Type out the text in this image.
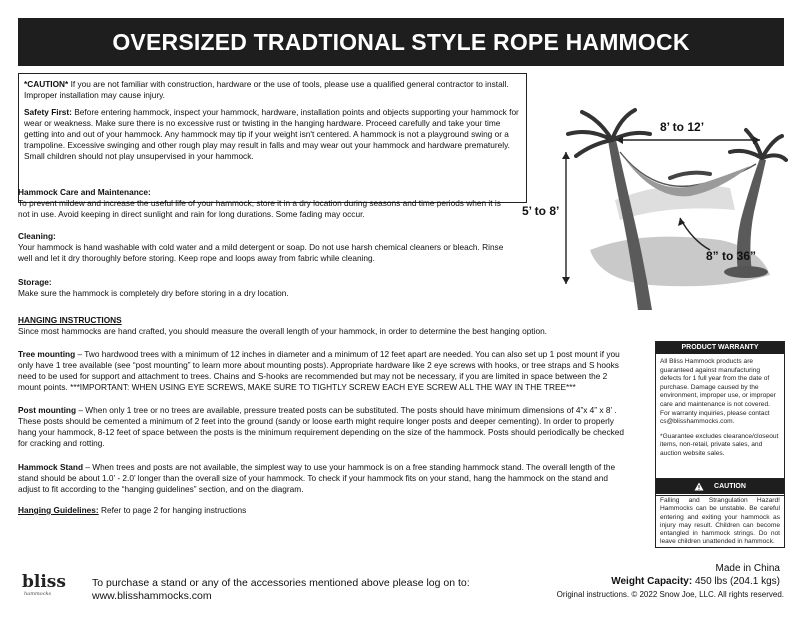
OVERSIZED TRADTIONAL STYLE ROPE HAMMOCK

*CAUTION* If you are not familiar with construction, hardware or the use of tools, please use a qualified general contractor to install. Improper installation may cause injury.

Safety First: Before entering hammock, inspect your hammock, hardware, installation points and objects supporting your hammock for wear or weakness. Make sure there is no excessive rust or twisting in the hanging hardware. Proceed carefully and take your time getting into and out of your hammock. Any hammock may tip if your weight isn't centered. A hammock is not a playground swing or a trampoline. Excessive swinging and other rough play may result in falls and may wear out your hammock and hardware prematurely. Small children should not play unsupervised in your hammock.

Hammock Care and Maintenance:
To prevent mildew and increase the useful life of your hammock, store it in a dry location during seasons and time periods when it is not in use. Avoid keeping in direct sunlight and rain for long durations. Some fading may occur.
Cleaning:
Your hammock is hand washable with cold water and a mild detergent or soap. Do not use harsh chemical cleaners or bleach. Rinse well and let it dry thoroughly before storing. Keep rope and loops away from fabric while cleaning.
Storage:
Make sure the hammock is completely dry before storing in a dry location.
HANGING INSTRUCTIONS
Since most hammocks are hand crafted, you should measure the overall length of your hammock, in order to determine the best hanging option.
Tree mounting – Two hardwood trees with a minimum of 12 inches in diameter and a minimum of 12 feet apart are needed. You can also set up 1 post mount if you only have 1 tree available (see “post mounting” to learn more about mounting posts). Appropriate hardware like 2 eye screws with hooks, or tree straps and S hooks need to be used for support and attachment to trees. Chains and S-hooks are recommended but may not be necessary, if you are limited in space between the 2 mount points. ***IMPORTANT: WHEN USING EYE SCREWS, MAKE SURE TO TIGHTLY SCREW EACH EYE SCREW ALL THE WAY IN THE TREE***
Post mounting – When only 1 tree or no trees are available, pressure treated posts can be substituted. The posts should have minimum dimensions of 4”x 4” x 8’ . These posts should be cemented a minimum of 2 feet into the ground (sandy or loose earth might require longer posts and deeper cementing). In order to properly hang your hammock, 8-12 feet of space between the posts is the minimum requirement depending on the size of the hammock. Posts should periodically be checked for cracking and rotting.
Hammock Stand – When trees and posts are not available, the simplest way to use your hammock is on a free standing hammock stand. The overall length of the stand should be about 1.0’ - 2.0’ longer than the overall size of your hammock. To check if your hammock fits on your stand, hang the hammock on the stand and adjust to fit according to the “hanging guidelines” section, and on the diagram.
Hanging Guidelines: Refer to page 2 for hanging instructions
8’ to 12’
5’ to 8’
8” to 36”
PRODUCT WARRANTY

All Bliss Hammock products are guaranteed against manufacturing defects for 1 full year from the date of purchase. Damage caused by the environment, improper use, or improper care and maintenance is not covered. For warranty inquiries, please contact cs@blisshammocks.com.

*Guarantee excludes clearance/closeout items, non-retail, private sales, and auction website sales.

CAUTION
Falling and Strangulation Hazard! Hammocks can be unstable. Be careful entering and exiting your hammock as injury may result. Children can become entangled in hammock strings. Do not leave children unattended in hammock.
bliss
hammocks
To purchase a stand or any of the accessories mentioned above please log on to:
www.blisshammocks.com
Made in China
Weight Capacity: 450 lbs (204.1 kgs)
Original instructions. © 2022 Snow Joe, LLC. All rights reserved.
